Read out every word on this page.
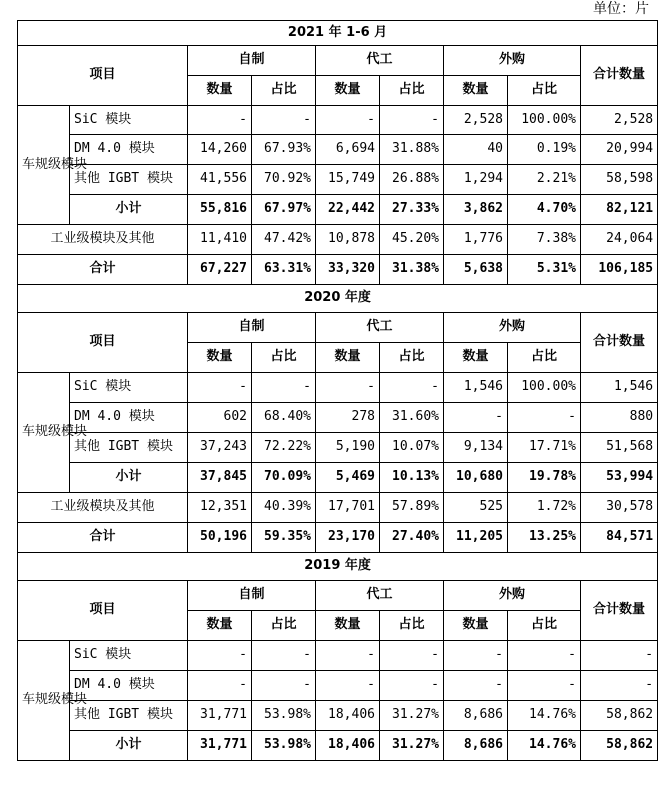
单位：片
2021 年 1-6 月								
项目		自制		代工		外购		合计数量
		数量	占比	数量	占比	数量	占比	
车规级模块	SiC 模块	-	-	-	-	2,528	100.00%	2,528
	DM 4.0 模块	14,260	67.93%	6,694	31.88%	40	0.19%	20,994
	其他 IGBT 模块	41,556	70.92%	15,749	26.88%	1,294	2.21%	58,598
	小计	55,816	67.97%	22,442	27.33%	3,862	4.70%	82,121
工业级模块及其他		11,410	47.42%	10,878	45.20%	1,776	7.38%	24,064
合计		67,227	63.31%	33,320	31.38%	5,638	5.31%	106,185
2020 年度								
项目		自制		代工		外购		合计数量
		数量	占比	数量	占比	数量	占比	
车规级模块	SiC 模块	-	-	-	-	1,546	100.00%	1,546
	DM 4.0 模块	602	68.40%	278	31.60%	-	-	880
	其他 IGBT 模块	37,243	72.22%	5,190	10.07%	9,134	17.71%	51,568
	小计	37,845	70.09%	5,469	10.13%	10,680	19.78%	53,994
工业级模块及其他		12,351	40.39%	17,701	57.89%	525	1.72%	30,578
合计		50,196	59.35%	23,170	27.40%	11,205	13.25%	84,571
2019 年度								
项目		自制		代工		外购		合计数量
		数量	占比	数量	占比	数量	占比	
车规级模块	SiC 模块	-	-	-	-	-	-	-
	DM 4.0 模块	-	-	-	-	-	-	-
	其他 IGBT 模块	31,771	53.98%	18,406	31.27%	8,686	14.76%	58,862
	小计	31,771	53.98%	18,406	31.27%	8,686	14.76%	58,862
